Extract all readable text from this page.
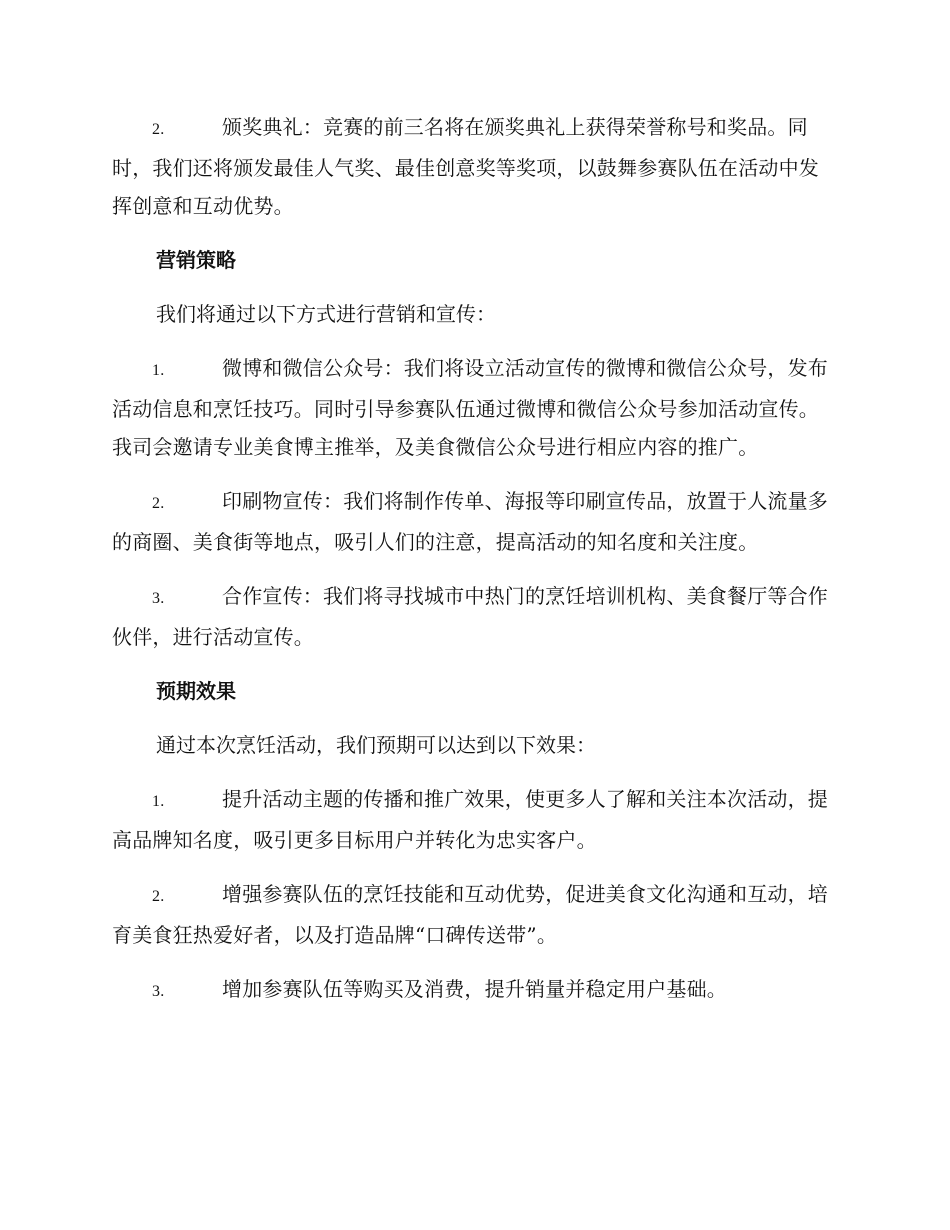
2.	颁奖典礼：竞赛的前三名将在颁奖典礼上获得荣誉称号和奖品。同时，我们还将颁发最佳人气奖、最佳创意奖等奖项，以鼓舞参赛队伍在活动中发挥创意和互动优势。

营销策略
我们将通过以下方式进行营销和宣传：

1.	微博和微信公众号：我们将设立活动宣传的微博和微信公众号，发布活动信息和烹饪技巧。同时引导参赛队伍通过微博和微信公众号参加活动宣传。我司会邀请专业美食博主推举，及美食微信公众号进行相应内容的推广。

2.	印刷物宣传：我们将制作传单、海报等印刷宣传品，放置于人流量多的商圈、美食街等地点，吸引人们的注意，提高活动的知名度和关注度。

3.	合作宣传：我们将寻找城市中热门的烹饪培训机构、美食餐厅等合作伙伴，进行活动宣传。

预期效果
通过本次烹饪活动，我们预期可以达到以下效果：

1.	提升活动主题的传播和推广效果，使更多人了解和关注本次活动，提高品牌知名度，吸引更多目标用户并转化为忠实客户。

2.	增强参赛队伍的烹饪技能和互动优势，促进美食文化沟通和互动，培育美食狂热爱好者，以及打造品牌“口碑传送带”。

3.	增加参赛队伍等购买及消费，提升销量并稳定用户基础。
